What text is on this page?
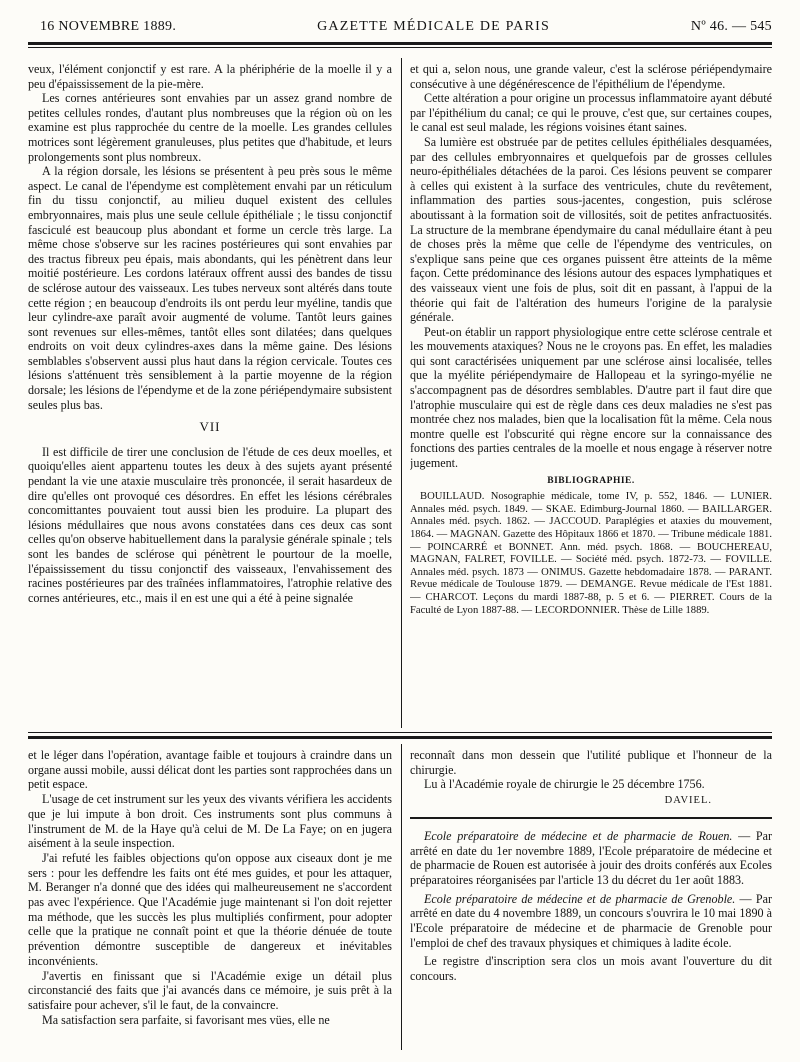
16 NOVEMBRE 1889.	GAZETTE MÉDICALE DE PARIS	Nº 46. — 545

veux, l'élément conjonctif y est rare. A la phériphérie de la moelle il y a peu d'épaississement de la pie-mère.

Les cornes antérieures sont envahies par un assez grand nombre de petites cellules rondes, d'autant plus nombreuses que la région où on les examine est plus rapprochée du centre de la moelle. Les grandes cellules motrices sont légèrement granuleuses, plus petites que d'habitude, et leurs prolongements sont plus nombreux.

A la région dorsale, les lésions se présentent à peu près sous le même aspect. Le canal de l'épendyme est complètement envahi par un réticulum fin du tissu conjonctif, au milieu duquel existent des cellules embryonnaires, mais plus une seule cellule épithéliale ; le tissu conjonctif fasciculé est beaucoup plus abondant et forme un cercle très large. La même chose s'observe sur les racines postérieures qui sont envahies par des tractus fibreux peu épais, mais abondants, qui les pénètrent dans leur moitié postérieure. Les cordons latéraux offrent aussi des bandes de tissu de sclérose autour des vaisseaux. Les tubes nerveux sont altérés dans toute cette région ; en beaucoup d'endroits ils ont perdu leur myéline, tandis que leur cylindre-axe paraît avoir augmenté de volume. Tantôt leurs gaines sont revenues sur elles-mêmes, tantôt elles sont dilatées; dans quelques endroits on voit deux cylindres-axes dans la même gaine. Des lésions semblables s'observent aussi plus haut dans la région cervicale. Toutes ces lésions s'atténuent très sensiblement à la partie moyenne de la région dorsale; les lésions de l'épendyme et de la zone périépendymaire subsistent seules plus bas.

VII

Il est difficile de tirer une conclusion de l'étude de ces deux moelles, et quoiqu'elles aient appartenu toutes les deux à des sujets ayant présenté pendant la vie une ataxie musculaire très prononcée, il serait hasardeux de dire qu'elles ont provoqué ces désordres. En effet les lésions cérébrales concomittantes pouvaient tout aussi bien les produire. La plupart des lésions médullaires que nous avons constatées dans ces deux cas sont celles qu'on observe habituellement dans la paralysie générale spinale ; tels sont les bandes de sclérose qui pénètrent le pourtour de la moelle, l'épaississement du tissu conjonctif des vaisseaux, l'envahissement des racines postérieures par des traînées inflammatoires, l'atrophie relative des cornes antérieures, etc., mais il en est une qui a été à peine signalée

et qui a, selon nous, une grande valeur, c'est la sclérose périépendymaire consécutive à une dégénérescence de l'épithélium de l'épendyme.

Cette altération a pour origine un processus inflammatoire ayant débuté par l'épithélium du canal; ce qui le prouve, c'est que, sur certaines coupes, le canal est seul malade, les régions voisines étant saines.

Sa lumière est obstruée par de petites cellules épithéliales desquamées, par des cellules embryonnaires et quelquefois par de grosses cellules neuro-épithéliales détachées de la paroi. Ces lésions peuvent se comparer à celles qui existent à la surface des ventricules, chute du revêtement, inflammation des parties sous-jacentes, congestion, puis sclérose aboutissant à la formation soit de villosités, soit de petites anfractuosités. La structure de la membrane épendymaire du canal médullaire étant à peu de choses près la même que celle de l'épendyme des ventricules, on s'explique sans peine que ces organes puissent être atteints de la même façon. Cette prédominance des lésions autour des espaces lymphatiques et des vaisseaux vient une fois de plus, soit dit en passant, à l'appui de la théorie qui fait de l'altération des humeurs l'origine de la paralysie générale.

Peut-on établir un rapport physiologique entre cette sclérose centrale et les mouvements ataxiques? Nous ne le croyons pas. En effet, les maladies qui sont caractérisées uniquement par une sclérose ainsi localisée, telles que la myélite périépendymaire de Hallopeau et la syringo-myélie ne s'accompagnent pas de désordres semblables. D'autre part il faut dire que l'atrophie musculaire qui est de règle dans ces deux maladies ne s'est pas montrée chez nos malades, bien que la localisation fût la même. Cela nous montre quelle est l'obscurité qui règne encore sur la connaissance des fonctions des parties centrales de la moelle et nous engage à réserver notre jugement.

BIBLIOGRAPHIE.

BOUILLAUD. Nosographie médicale, tome IV, p. 552, 1846. — LUNIER. Annales méd. psych. 1849. — SKAE. Edimburg-Journal 1860. — BAILLARGER. Annales méd. psych. 1862. — JACCOUD. Paraplégies et ataxies du mouvement, 1864. — MAGNAN. Gazette des Hôpitaux 1866 et 1870. — Tribune médicale 1881. — POINCARRÉ et BONNET. Ann. méd. psych. 1868. — BOUCHEREAU, MAGNAN, FALRET, FOVILLE. — Société méd. psych. 1872-73. — FOVILLE. Annales méd. psych. 1873 — ONIMUS. Gazette hebdomadaire 1878. — PARANT. Revue médicale de Toulouse 1879. — DEMANGE. Revue médicale de l'Est 1881. — CHARCOT. Leçons du mardi 1887-88, p. 5 et 6. — PIERRET. Cours de la Faculté de Lyon 1887-88. — LECORDONNIER. Thèse de Lille 1889.

et le léger dans l'opération, avantage faible et toujours à craindre dans un organe aussi mobile, aussi délicat dont les parties sont rapprochées dans un petit espace.

L'usage de cet instrument sur les yeux des vivants vérifiera les accidents que je lui impute à bon droit. Ces instruments sont plus communs à l'instrument de M. de la Haye qu'à celui de M. De La Faye; on en jugera aisément à la seule inspection.

J'ai refuté les faibles objections qu'on oppose aux ciseaux dont je me sers : pour les deffendre les faits ont été mes guides, et pour les attaquer, M. Beranger n'a donné que des idées qui malheureusement ne s'accordent pas avec l'expérience. Que l'Académie juge maintenant si l'on doit rejetter ma méthode, que les succès les plus multipliés confirment, pour adopter celle que la pratique ne connaît point et que la théorie dénuée de toute prévention démontre susceptible de dangereux et inévitables inconvénients.

J'avertis en finissant que si l'Académie exige un détail plus circonstancié des faits que j'ai avancés dans ce mémoire, je suis prêt à la satisfaire pour achever, s'il le faut, de la convaincre.

Ma satisfaction sera parfaite, si favorisant mes vües, elle ne

reconnaît dans mon dessein que l'utilité publique et l'honneur de la chirurgie.

Lu à l'Académie royale de chirurgie le 25 décembre 1756.

DAVIEL.

Ecole préparatoire de médecine et de pharmacie de Rouen. — Par arrêté en date du 1er novembre 1889, l'Ecole préparatoire de médecine et de pharmacie de Rouen est autorisée à jouir des droits conférés aux Ecoles préparatoires réorganisées par l'article 13 du décret du 1er août 1883.

Ecole préparatoire de médecine et de pharmacie de Grenoble. — Par arrêté en date du 4 novembre 1889, un concours s'ouvrira le 10 mai 1890 à l'Ecole préparatoire de médecine et de pharmacie de Grenoble pour l'emploi de chef des travaux physiques et chimiques à ladite école.

Le registre d'inscription sera clos un mois avant l'ouverture du dit concours.
